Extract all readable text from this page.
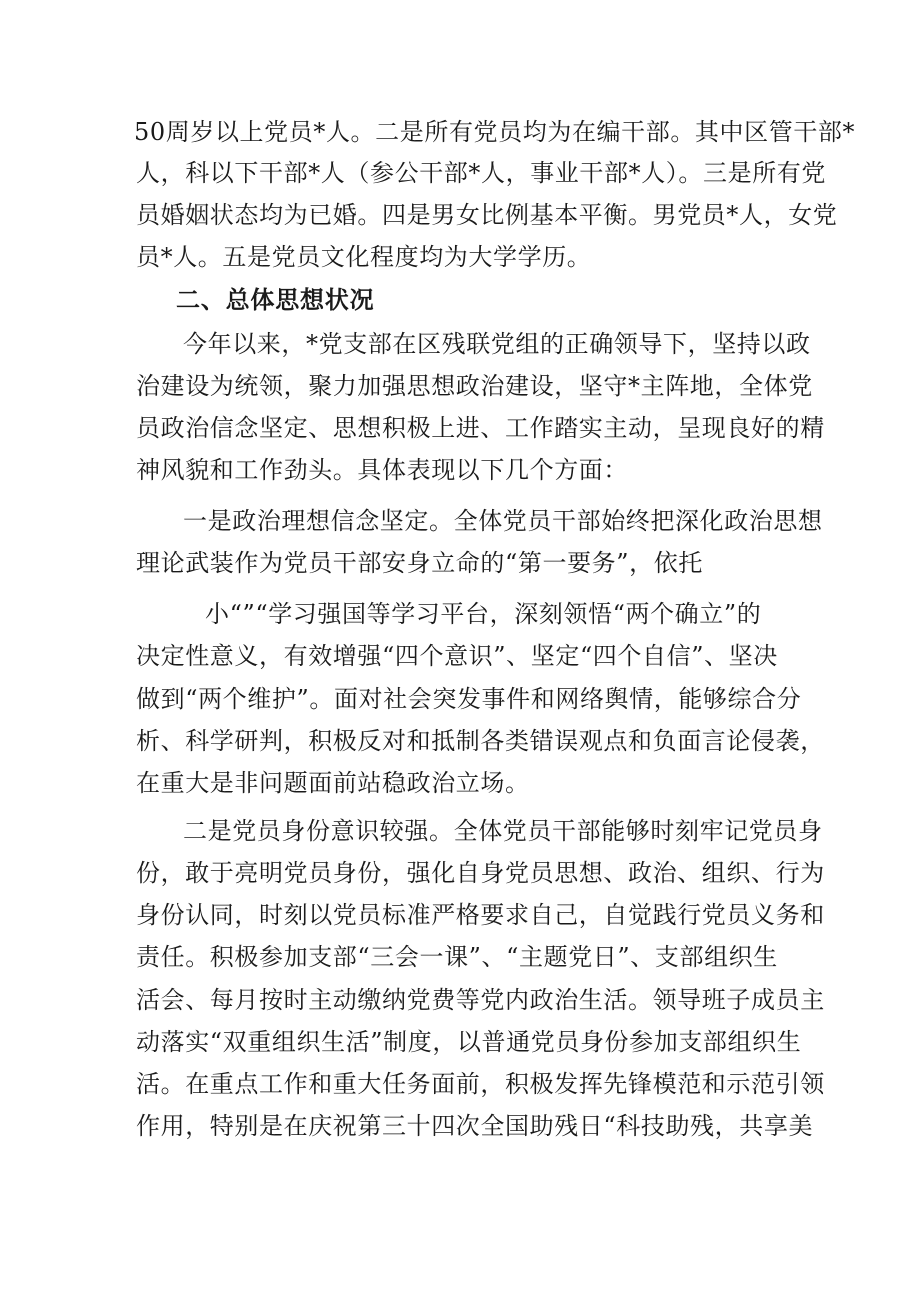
50周岁以上党员*人。二是所有党员均为在编干部。其中区管干部*
人，科以下干部*人（参公干部*人，事业干部*人）。三是所有党
员婚姻状态均为已婚。四是男女比例基本平衡。男党员*人，女党
员*人。五是党员文化程度均为大学学历。
二、总体思想状况
今年以来，*党支部在区残联党组的正确领导下，坚持以政
治建设为统领，聚力加强思想政治建设，坚守*主阵地，全体党
员政治信念坚定、思想积极上进、工作踏实主动，呈现良好的精
神风貌和工作劲头。具体表现以下几个方面：
一是政治理想信念坚定。全体党员干部始终把深化政治思想
理论武装作为党员干部安身立命的“第一要务”，依托
小“”“学习强国等学习平台，深刻领悟“两个确立”的
决定性意义，有效增强“四个意识”、坚定“四个自信”、坚决
做到“两个维护”。面对社会突发事件和网络舆情，能够综合分
析、科学研判，积极反对和抵制各类错误观点和负面言论侵袭，
在重大是非问题面前站稳政治立场。
二是党员身份意识较强。全体党员干部能够时刻牢记党员身
份，敢于亮明党员身份，强化自身党员思想、政治、组织、行为
身份认同，时刻以党员标准严格要求自己，自觉践行党员义务和
责任。积极参加支部“三会一课”、“主题党日”、支部组织生
活会、每月按时主动缴纳党费等党内政治生活。领导班子成员主
动落实“双重组织生活”制度，以普通党员身份参加支部组织生
活。在重点工作和重大任务面前，积极发挥先锋模范和示范引领
作用，特别是在庆祝第三十四次全国助残日“科技助残，共享美
